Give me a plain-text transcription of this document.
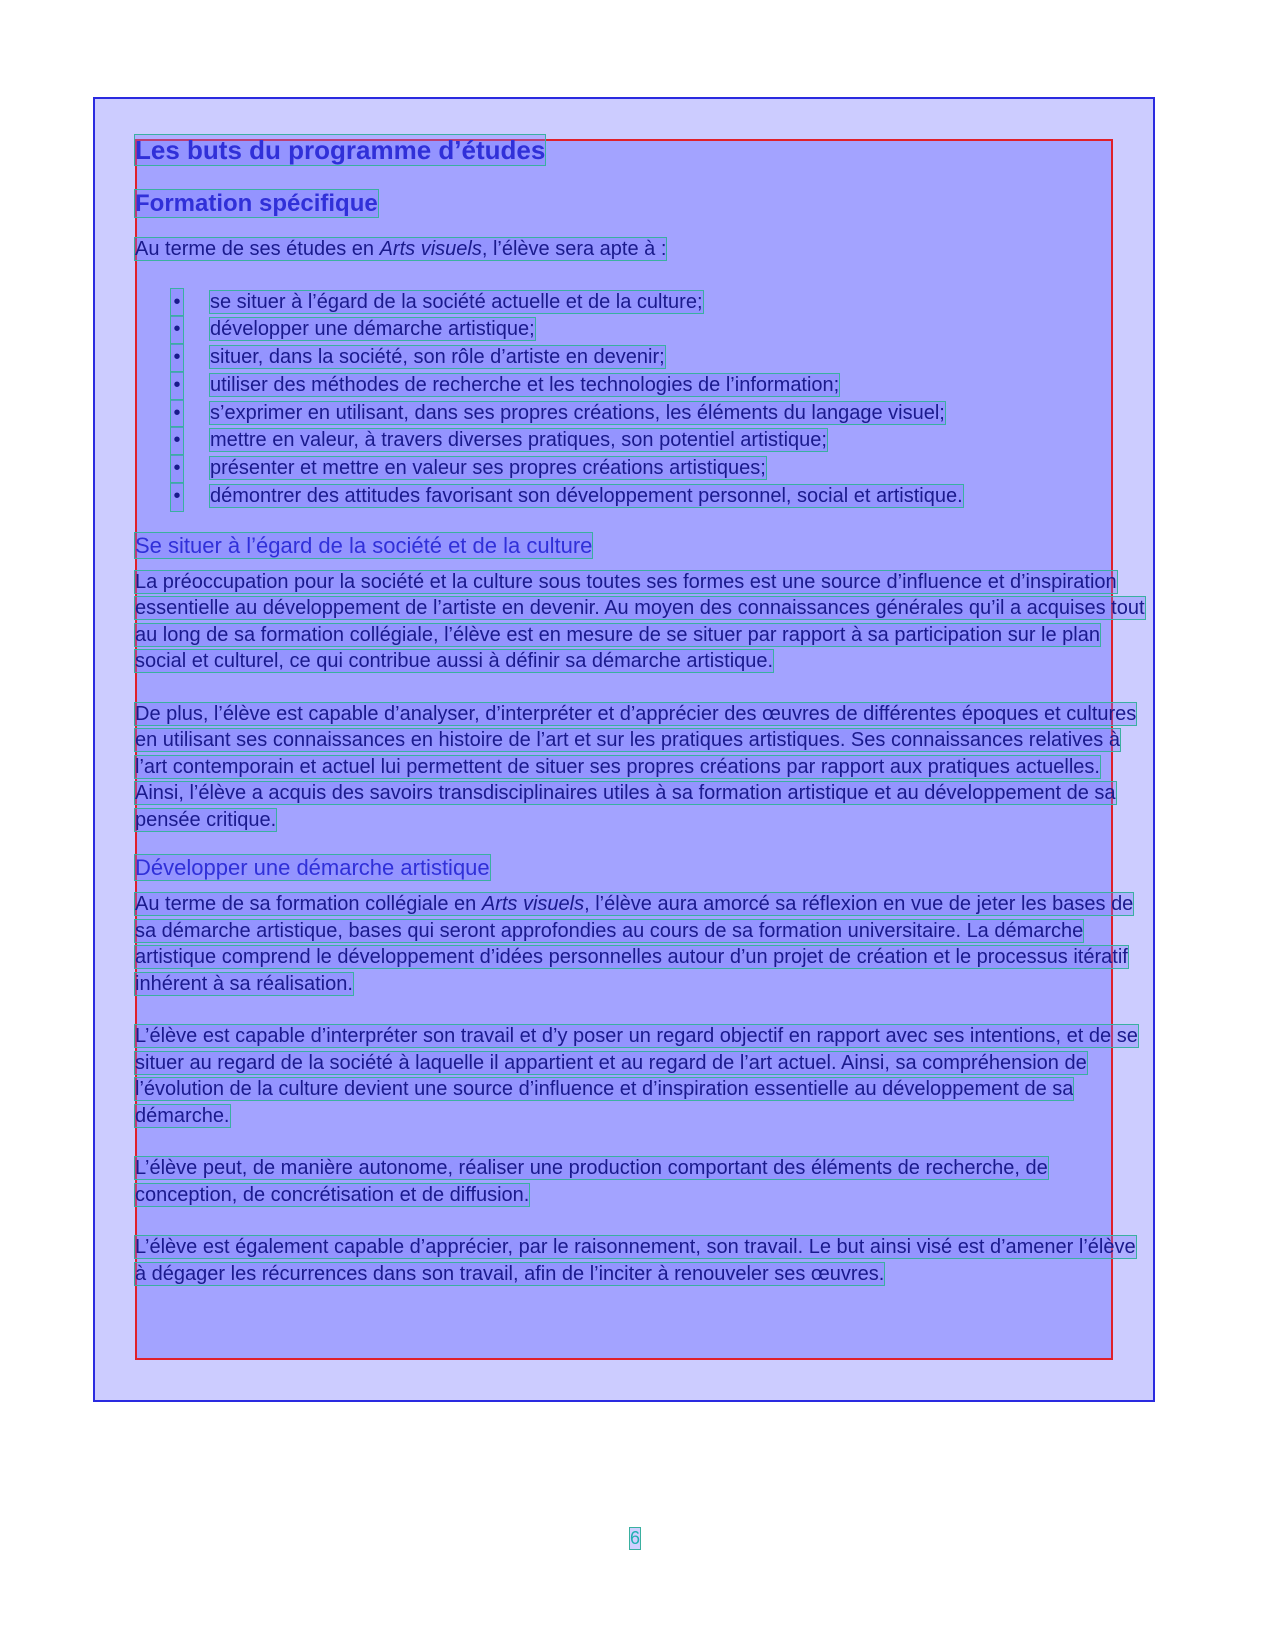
Les buts du programme d’études
Formation spécifique

Au terme de ses études en Arts visuels, l’élève sera apte à :

• se situer à l’égard de la société actuelle et de la culture;
• développer une démarche artistique;
• situer, dans la société, son rôle d’artiste en devenir;
• utiliser des méthodes de recherche et les technologies de l’information;
• s’exprimer en utilisant, dans ses propres créations, les éléments du langage visuel;
• mettre en valeur, à travers diverses pratiques, son potentiel artistique;
• présenter et mettre en valeur ses propres créations artistiques;
• démontrer des attitudes favorisant son développement personnel, social et artistique.
Se situer à l’égard de la société et de la culture

La préoccupation pour la société et la culture sous toutes ses formes est une source d’influence et d’inspiration essentielle au développement de l’artiste en devenir. Au moyen des connaissances générales qu’il a acquises tout au long de sa formation collégiale, l’élève est en mesure de se situer par rapport à sa participation sur le plan social et culturel, ce qui contribue aussi à définir sa démarche artistique.

De plus, l’élève est capable d’analyser, d’interpréter et d’apprécier des œuvres de différentes époques et cultures en utilisant ses connaissances en histoire de l’art et sur les pratiques artistiques. Ses connaissances relatives à l’art contemporain et actuel lui permettent de situer ses propres créations par rapport aux pratiques actuelles. Ainsi, l’élève a acquis des savoirs transdisciplinaires utiles à sa formation artistique et au développement de sa pensée critique.

Développer une démarche artistique

Au terme de sa formation collégiale en Arts visuels, l’élève aura amorcé sa réflexion en vue de jeter les bases de sa démarche artistique, bases qui seront approfondies au cours de sa formation universitaire. La démarche artistique comprend le développement d’idées personnelles autour d’un projet de création et le processus itératif inhérent à sa réalisation.

L’élève est capable d’interpréter son travail et d’y poser un regard objectif en rapport avec ses intentions, et de se situer au regard de la société à laquelle il appartient et au regard de l’art actuel. Ainsi, sa compréhension de l’évolution de la culture devient une source d’influence et d’inspiration essentielle au développement de sa démarche.

L’élève peut, de manière autonome, réaliser une production comportant des éléments de recherche, de conception, de concrétisation et de diffusion.

L’élève est également capable d’apprécier, par le raisonnement, son travail. Le but ainsi visé est d’amener l’élève à dégager les récurrences dans son travail, afin de l’inciter à renouveler ses œuvres.

6
